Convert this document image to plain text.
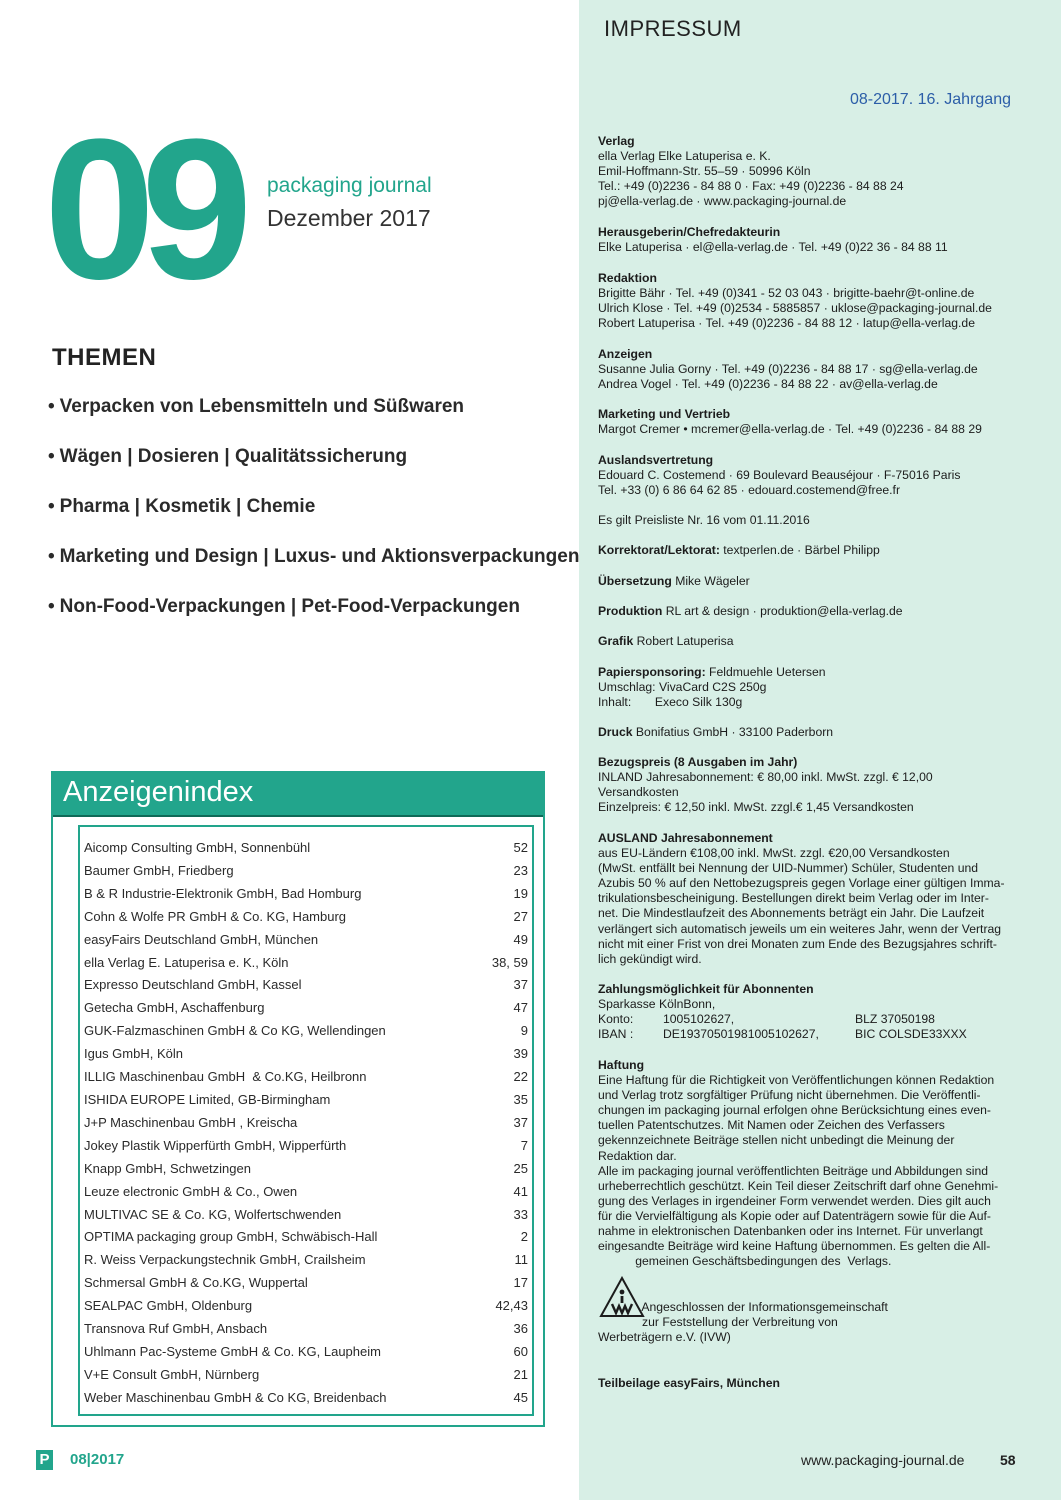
09 packaging journal
Dezember 2017
THEMEN
• Verpacken von Lebensmitteln und Süßwaren
• Wägen | Dosieren | Qualitätssicherung
• Pharma | Kosmetik | Chemie
• Marketing und Design | Luxus- und Aktionsverpackungen
• Non-Food-Verpackungen | Pet-Food-Verpackungen
Anzeigenindex
Aicomp Consulting GmbH, Sonnenbühl	52
Baumer GmbH, Friedberg	23
B & R Industrie-Elektronik GmbH, Bad Homburg	19
Cohn & Wolfe PR GmbH & Co. KG, Hamburg	27
easyFairs Deutschland GmbH, München	49
ella Verlag E. Latuperisa e. K., Köln	38, 59
Expresso Deutschland GmbH, Kassel	37
Getecha GmbH, Aschaffenburg	47
GUK-Falzmaschinen GmbH & Co KG, Wellendingen	9
Igus GmbH, Köln	39
ILLIG Maschinenbau GmbH  & Co.KG, Heilbronn	22
ISHIDA EUROPE Limited, GB-Birmingham	35
J+P Maschinenbau GmbH , Kreischa	37
Jokey Plastik Wipperfürth GmbH, Wipperfürth	7
Knapp GmbH, Schwetzingen	25
Leuze electronic GmbH & Co., Owen	41
MULTIVAC SE & Co. KG, Wolfertschwenden	33
OPTIMA packaging group GmbH, Schwäbisch-Hall	2
R. Weiss Verpackungstechnik GmbH, Crailsheim	11
Schmersal GmbH & Co.KG, Wuppertal	17
SEALPAC GmbH, Oldenburg	42,43
Transnova Ruf GmbH, Ansbach	36
Uhlmann Pac-Systeme GmbH & Co. KG, Laupheim	60
V+E Consult GmbH, Nürnberg	21
Weber Maschinenbau GmbH & Co KG, Breidenbach	45
P 08|2017
IMPRESSUM
08-2017. 16. Jahrgang
Verlag
ella Verlag Elke Latuperisa e. K.
Emil-Hoffmann-Str. 55–59 · 50996 Köln
Tel.: +49 (0)2236 - 84 88 0 · Fax: +49 (0)2236 - 84 88 24
pj@ella-verlag.de · www.packaging-journal.de
Herausgeberin/Chefredakteurin
Elke Latuperisa · el@ella-verlag.de · Tel. +49 (0)22 36 - 84 88 11
Redaktion
Brigitte Bähr · Tel. +49 (0)341 - 52 03 043 · brigitte-baehr@t-online.de
Ulrich Klose · Tel. +49 (0)2534 - 5885857 · uklose@packaging-journal.de
Robert Latuperisa · Tel. +49 (0)2236 - 84 88 12 · latup@ella-verlag.de
Anzeigen
Susanne Julia Gorny · Tel. +49 (0)2236 - 84 88 17 · sg@ella-verlag.de
Andrea Vogel · Tel. +49 (0)2236 - 84 88 22 · av@ella-verlag.de
Marketing und Vertrieb
Margot Cremer • mcremer@ella-verlag.de · Tel. +49 (0)2236 - 84 88 29
Auslandsvertretung
Edouard C. Costemend · 69 Boulevard Beauséjour · F-75016 Paris
Tel. +33 (0) 6 86 64 62 85 · edouard.costemend@free.fr
Es gilt Preisliste Nr. 16 vom 01.11.2016
Korrektorat/Lektorat: textperlen.de · Bärbel Philipp
Übersetzung Mike Wägeler
Produktion RL art & design · produktion@ella-verlag.de
Grafik Robert Latuperisa
Papiersponsoring: Feldmuehle Uetersen
Umschlag: VivaCard C2S 250g
Inhalt:       Execo Silk 130g
Druck Bonifatius GmbH · 33100 Paderborn
Bezugspreis (8 Ausgaben im Jahr)
INLAND Jahresabonnement: € 80,00 inkl. MwSt. zzgl. € 12,00
Versandkosten
Einzelpreis: € 12,50 inkl. MwSt. zzgl.€ 1,45 Versandkosten
AUSLAND Jahresabonnement
aus EU-Ländern €108,00 inkl. MwSt. zzgl. €20,00 Versandkosten
(MwSt. entfällt bei Nennung der UID-Nummer) Schüler, Studenten und
Azubis 50 % auf den Nettobezugspreis gegen Vorlage einer gültigen Imma-
trikulationsbescheinigung. Bestellungen direkt beim Verlag oder im Inter-
net. Die Mindestlaufzeit des Abonnements beträgt ein Jahr. Die Laufzeit
verlängert sich automatisch jeweils um ein weiteres Jahr, wenn der Vertrag
nicht mit einer Frist von drei Monaten zum Ende des Bezugsjahres schrift-
lich gekündigt wird.
Zahlungsmöglichkeit für Abonnenten
Sparkasse KölnBonn,
Konto: 1005102627,	BLZ 37050198
IBAN : DE19370501981005102627,	BIC COLSDE33XXX
Haftung
Eine Haftung für die Richtigkeit von Veröffentlichungen können Redaktion
und Verlag trotz sorgfältiger Prüfung nicht übernehmen. Die Veröffentli-
chungen im packaging journal erfolgen ohne Berücksichtung eines even-
tuellen Patentschutzes. Mit Namen oder Zeichen des Verfassers
gekennzeichnete Beiträge stellen nicht unbedingt die Meinung der
Redaktion dar.
Alle im packaging journal veröffentlichten Beiträge und Abbildungen sind
urheberrechtlich geschützt. Kein Teil dieser Zeitschrift darf ohne Genehmi-
gung des Verlages in irgendeiner Form verwendet werden. Dies gilt auch
für die Vervielfältigung als Kopie oder auf Datenträgern sowie für die Auf-
nahme in elektronischen Datenbanken oder ins Internet. Für unverlangt
eingesandte Beiträge wird keine Haftung übernommen. Es gelten die All-
gemeinen Geschäftsbedingungen des  Verlags.
Angeschlossen der Informationsgemeinschaft
zur Feststellung der Verbreitung von
Werbeträgern e.V. (IVW)
Teilbeilage easyFairs, München
www.packaging-journal.de	58
